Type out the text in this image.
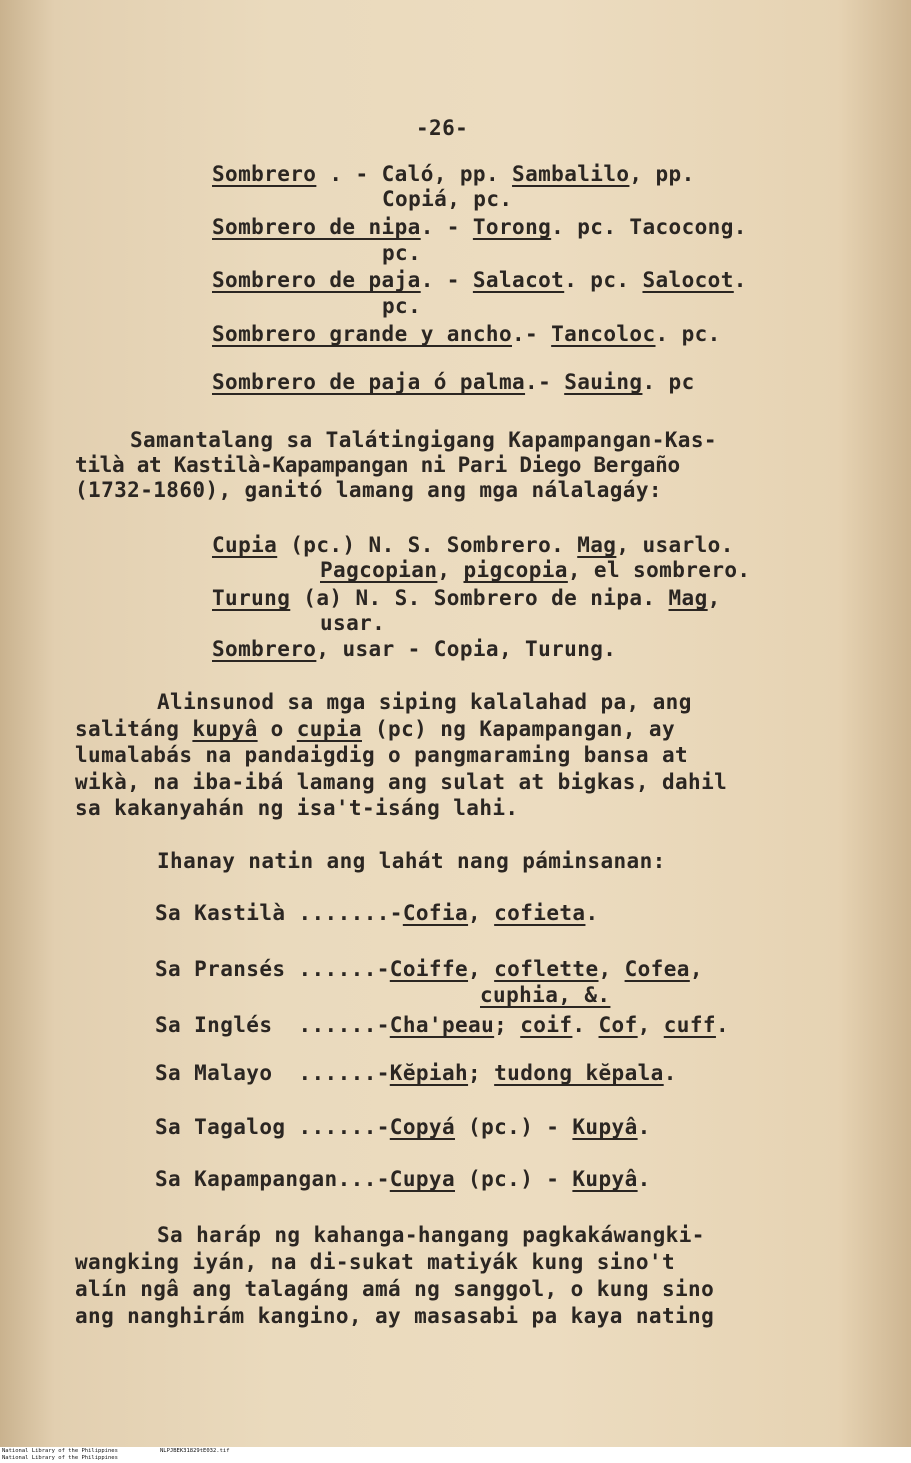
-26-
Sombrero . - Caló, pp. Sambalilo, pp.
Copiá, pc.
Sombrero de nipa. - Torong. pc. Tacocong.
pc.
Sombrero de paja. - Salacot. pc. Salocot.
pc.
Sombrero grande y ancho.- Tancoloc. pc.
Sombrero de paja ó palma.- Sauing. pc
Samantalang sa Talátingigang Kapampangan-Kas-
tilà at Kastilà-Kapampangan ni Pari Diego Bergaño
(1732-1860), ganitó lamang ang mga nálalagáy:
Cupia (pc.) N. S. Sombrero. Mag, usarlo.
Pagcopian, pigcopia, el sombrero.
Turung (a) N. S. Sombrero de nipa. Mag,
usar.
Sombrero, usar - Copia, Turung.
Alinsunod sa mga siping kalalahad pa, ang
salitáng kupyâ o cupia (pc) ng Kapampangan, ay
lumalabás na pandaigdig o pangmaraming bansa at
wikà, na iba-ibá lamang ang sulat at bigkas, dahil
sa kakanyahán ng isa't-isáng lahi.
Ihanay natin ang lahát nang páminsanan:
Sa Kastilà .......-Cofia, cofieta.
Sa Pransés ......-Coiffe, coflette, Cofea,
cuphia, &.
Sa Inglés  ......-Cha'peau; coif. Cof, cuff.
Sa Malayo  ......-Kĕpiah; tudong kĕpala.
Sa Tagalog ......-Copyá (pc.) - Kupyâ.
Sa Kapampangan...-Cupya (pc.) - Kupyâ.
Sa haráp ng kahanga-hangang pagkakáwangki-
wangking iyán, na di-sukat matiyák kung sino't
alín ngâ ang talagáng amá ng sanggol, o kung sino
ang nanghirám kangino, ay masasabi pa kaya nating
National Library of the Philippines	NLPJBEK31829tE032.tif
National Library of the Philippines
